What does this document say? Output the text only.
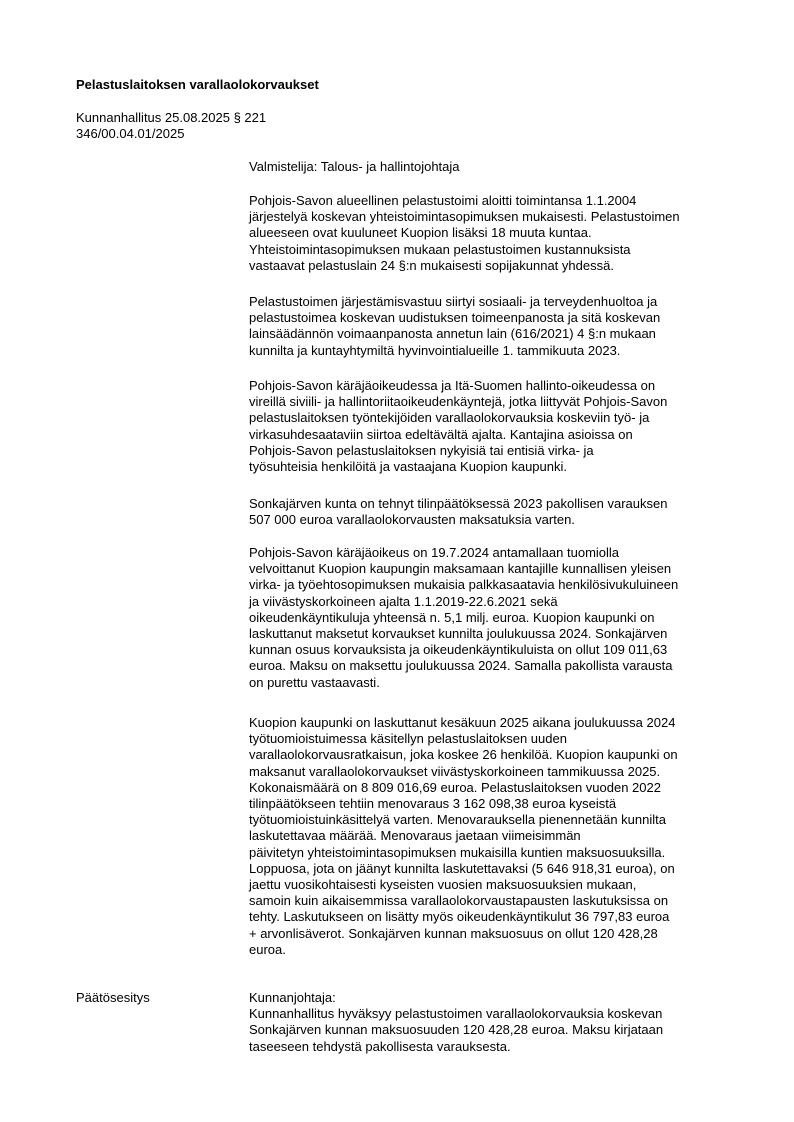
Pelastuslaitoksen varallaolokorvaukset
Kunnanhallitus 25.08.2025 § 221
346/00.04.01/2025
Valmistelija: Talous- ja hallintojohtaja
Pohjois-Savon alueellinen pelastustoimi aloitti toimintansa 1.1.2004
järjestelyä koskevan yhteistoimintasopimuksen mukaisesti. Pelastustoimen
alueeseen ovat kuuluneet Kuopion lisäksi 18 muuta kuntaa.
Yhteistoimintasopimuksen mukaan pelastustoimen kustannuksista
vastaavat pelastuslain 24 §:n mukaisesti sopijakunnat yhdessä.
Pelastustoimen järjestämisvastuu siirtyi sosiaali- ja terveydenhuoltoa ja
pelastustoimea koskevan uudistuksen toimeenpanosta ja sitä koskevan
lainsäädännön voimaanpanosta annetun lain (616/2021) 4 §:n mukaan
kunnilta ja kuntayhtymiltä hyvinvointialueille 1. tammikuuta 2023.
Pohjois-Savon käräjäoikeudessa ja Itä-Suomen hallinto-oikeudessa on
vireillä siviili- ja hallintoriitaoikeudenkäyntejä, jotka liittyvät Pohjois-Savon
pelastuslaitoksen työntekijöiden varallaolokorvauksia koskeviin työ- ja
virkasuhdesaataviin siirtoa edeltävältä ajalta. Kantajina asioissa on
Pohjois-Savon pelastuslaitoksen nykyisiä tai entisiä virka- ja
työsuhteisia henkilöitä ja vastaajana Kuopion kaupunki.
Sonkajärven kunta on tehnyt tilinpäätöksessä 2023 pakollisen varauksen
507 000 euroa varallaolokorvausten maksatuksia varten.
Pohjois-Savon käräjäoikeus on 19.7.2024 antamallaan tuomiolla
velvoittanut Kuopion kaupungin maksamaan kantajille kunnallisen yleisen
virka- ja työehtosopimuksen mukaisia palkkasaatavia henkilösivukuluineen
ja viivästyskorkoineen ajalta 1.1.2019-22.6.2021 sekä
oikeudenkäyntikuluja yhteensä n. 5,1 milj. euroa. Kuopion kaupunki on
laskuttanut maksetut korvaukset kunnilta joulukuussa 2024. Sonkajärven
kunnan osuus korvauksista ja oikeudenkäyntikuluista on ollut 109 011,63
euroa. Maksu on maksettu joulukuussa 2024. Samalla pakollista varausta
on purettu vastaavasti.
Kuopion kaupunki on laskuttanut kesäkuun 2025 aikana joulukuussa 2024
työtuomioistuimessa käsitellyn pelastuslaitoksen uuden
varallaolokorvausratkaisun, joka koskee 26 henkilöä. Kuopion kaupunki on
maksanut varallaolokorvaukset viivästyskorkoineen tammikuussa 2025.
Kokonaismäärä on 8 809 016,69 euroa. Pelastuslaitoksen vuoden 2022
tilinpäätökseen tehtiin menovaraus 3 162 098,38 euroa kyseistä
työtuomioistuinkäsittelyä varten. Menovarauksella pienennetään kunnilta
laskutettavaa määrää. Menovaraus jaetaan viimeisimmän
päivitetyn yhteistoimintasopimuksen mukaisilla kuntien maksuosuuksilla.
Loppuosa, jota on jäänyt kunnilta laskutettavaksi (5 646 918,31 euroa), on
jaettu vuosikohtaisesti kyseisten vuosien maksuosuuksien mukaan,
samoin kuin aikaisemmissa varallaolokorvaustapausten laskutuksissa on
tehty. Laskutukseen on lisätty myös oikeudenkäyntikulut 36 797,83 euroa
+ arvonlisäverot. Sonkajärven kunnan maksuosuus on ollut 120 428,28
euroa.
Päätösesitys	Kunnanjohtaja:
Kunnanhallitus hyväksyy pelastustoimen varallaolokorvauksia koskevan
Sonkajärven kunnan maksuosuuden 120 428,28 euroa. Maksu kirjataan
taseeseen tehdystä pakollisesta varauksesta.
